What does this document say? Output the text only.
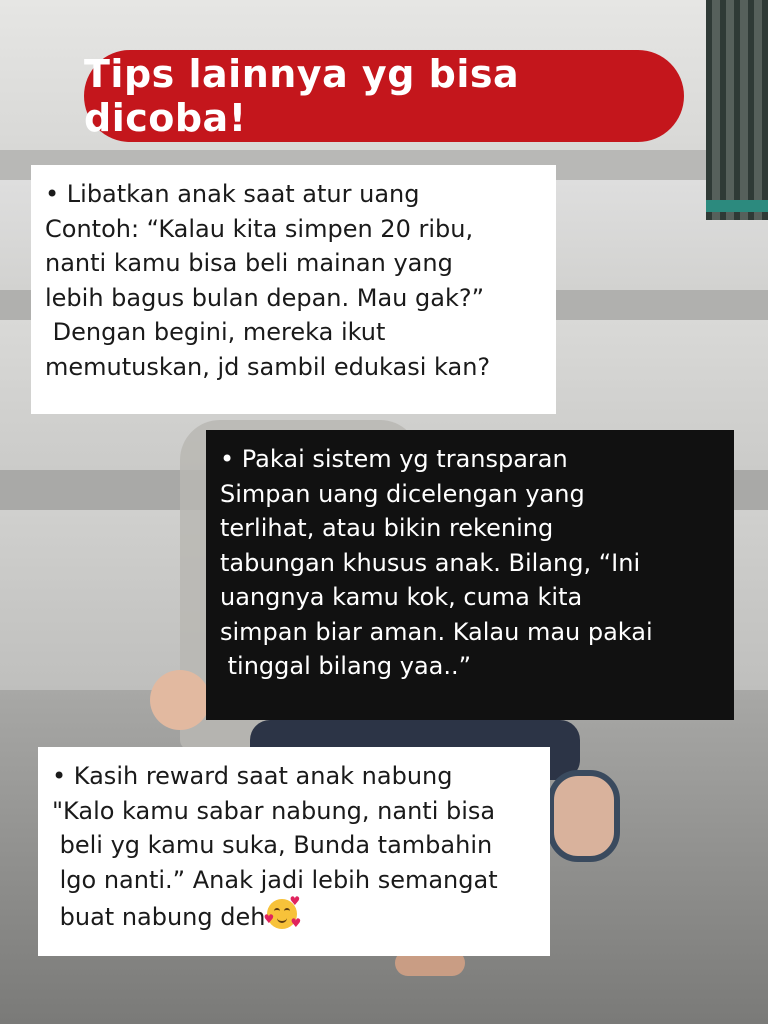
Tips lainnya yg bisa dicoba!

• Libatkan anak saat atur uang

Contoh: “Kalau kita simpen 20 ribu,

nanti kamu bisa beli mainan yang

lebih bagus bulan depan. Mau gak?”

Dengan begini, mereka ikut

memutuskan, jd sambil edukasi kan?

• Pakai sistem yg transparan

Simpan uang dicelengan yang

terlihat, atau bikin rekening

tabungan khusus anak. Bilang, “Ini

uangnya kamu kok, cuma kita

simpan biar aman. Kalau mau pakai

tinggal bilang yaa..”

• Kasih reward saat anak nabung

"Kalo kamu sabar nabung, nanti bisa

beli yg kamu suka, Bunda tambahin

lgo nanti.” Anak jadi lebih semangat

buat nabung deh
♥
♥
♥
